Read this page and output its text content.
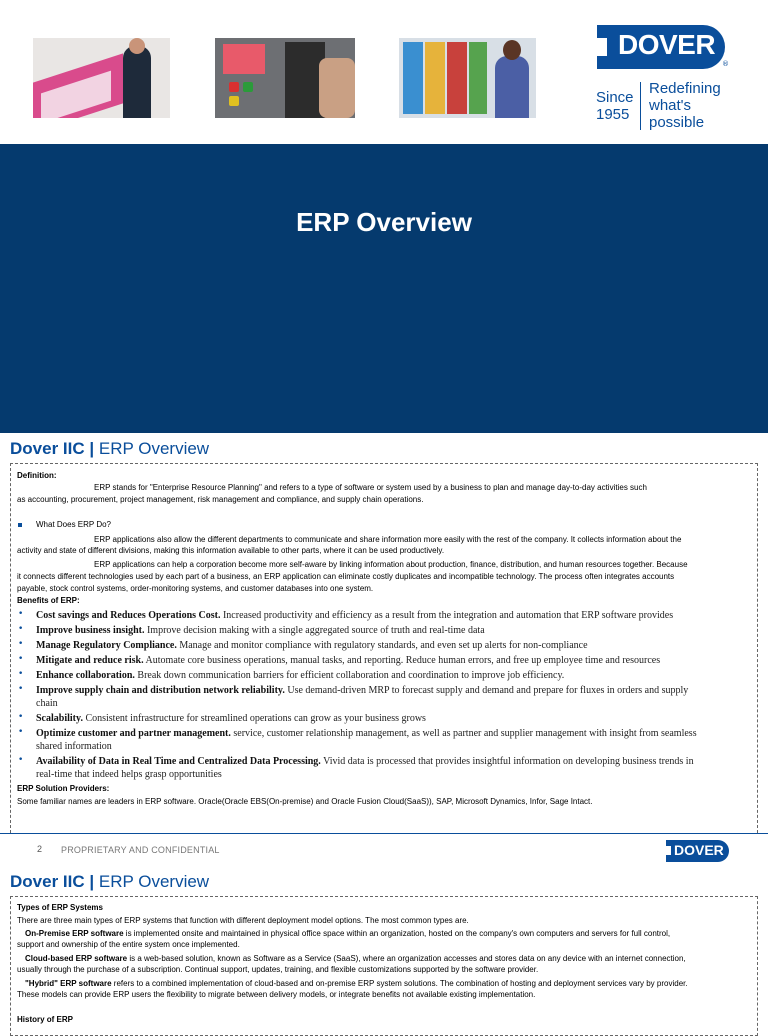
DOVER
®
Since
1955
Redefining
what's
possible
ERP Overview
Dover IIC | ERP Overview
Definition:
ERP stands for "Enterprise Resource Planning" and refers to a type of software or system used by a business to plan and manage day-to-day activities such
as accounting, procurement, project management, risk management and compliance, and supply chain operations.
What Does ERP Do?
ERP applications also allow the different departments to communicate and share information more easily with the rest of the company. It collects information about the
activity and state of different divisions, making this information available to other parts, where it can be used productively.
ERP applications can help a corporation become more self-aware by linking information about production, finance, distribution, and human resources together. Because
it connects different technologies used by each part of a business, an ERP application can eliminate costly duplicates and incompatible technology. The process often integrates accounts
payable, stock control systems, order-monitoring systems, and customer databases into one system.
Benefits of ERP:
• Cost savings and Reduces Operations Cost. Increased productivity and efficiency as a result from the integration and automation that ERP software provides
• Improve business insight. Improve decision making with a single aggregated source of truth and real-time data
• Manage Regulatory Compliance. Manage and monitor compliance with regulatory standards, and even set up alerts for non-compliance
• Mitigate and reduce risk. Automate core business operations, manual tasks, and reporting. Reduce human errors, and free up employee time and resources
• Enhance collaboration. Break down communication barriers for efficient collaboration and coordination to improve job efficiency.
• Improve supply chain and distribution network reliability. Use demand-driven MRP to forecast supply and demand and prepare for fluxes in orders and supply
chain
• Scalability. Consistent infrastructure for streamlined operations can grow as your business grows
• Optimize customer and partner management. service, customer relationship management, as well as partner and supplier management with insight from seamless
shared information
• Availability of Data in Real Time and Centralized Data Processing. Vivid data is processed that provides insightful information on developing business trends in
real-time that indeed helps grasp opportunities
ERP Solution Providers:
Some familiar names are leaders in ERP software. Oracle(Oracle EBS(On-premise) and Oracle Fusion Cloud(SaaS)), SAP, Microsoft Dynamics, Infor, Sage Intact.
2 PROPRIETARY AND CONFIDENTIAL	DOVER
Dover IIC | ERP Overview
Types of ERP Systems
There are three main types of ERP systems that function with different deployment model options. The most common types are.
On-Premise ERP software is implemented onsite and maintained in physical office space within an organization, hosted on the company's own computers and servers for full control,
support and ownership of the entire system once implemented.
Cloud-based ERP software is a web-based solution, known as Software as a Service (SaaS), where an organization accesses and stores data on any device with an internet connection,
usually through the purchase of a subscription. Continual support, updates, training, and flexible customizations supported by the software provider.
"Hybrid" ERP software refers to a combined implementation of cloud-based and on-premise ERP system solutions. The combination of hosting and deployment services vary by provider.
These models can provide ERP users the flexibility to migrate between delivery models, or integrate benefits not available existing implementation.
History of ERP
